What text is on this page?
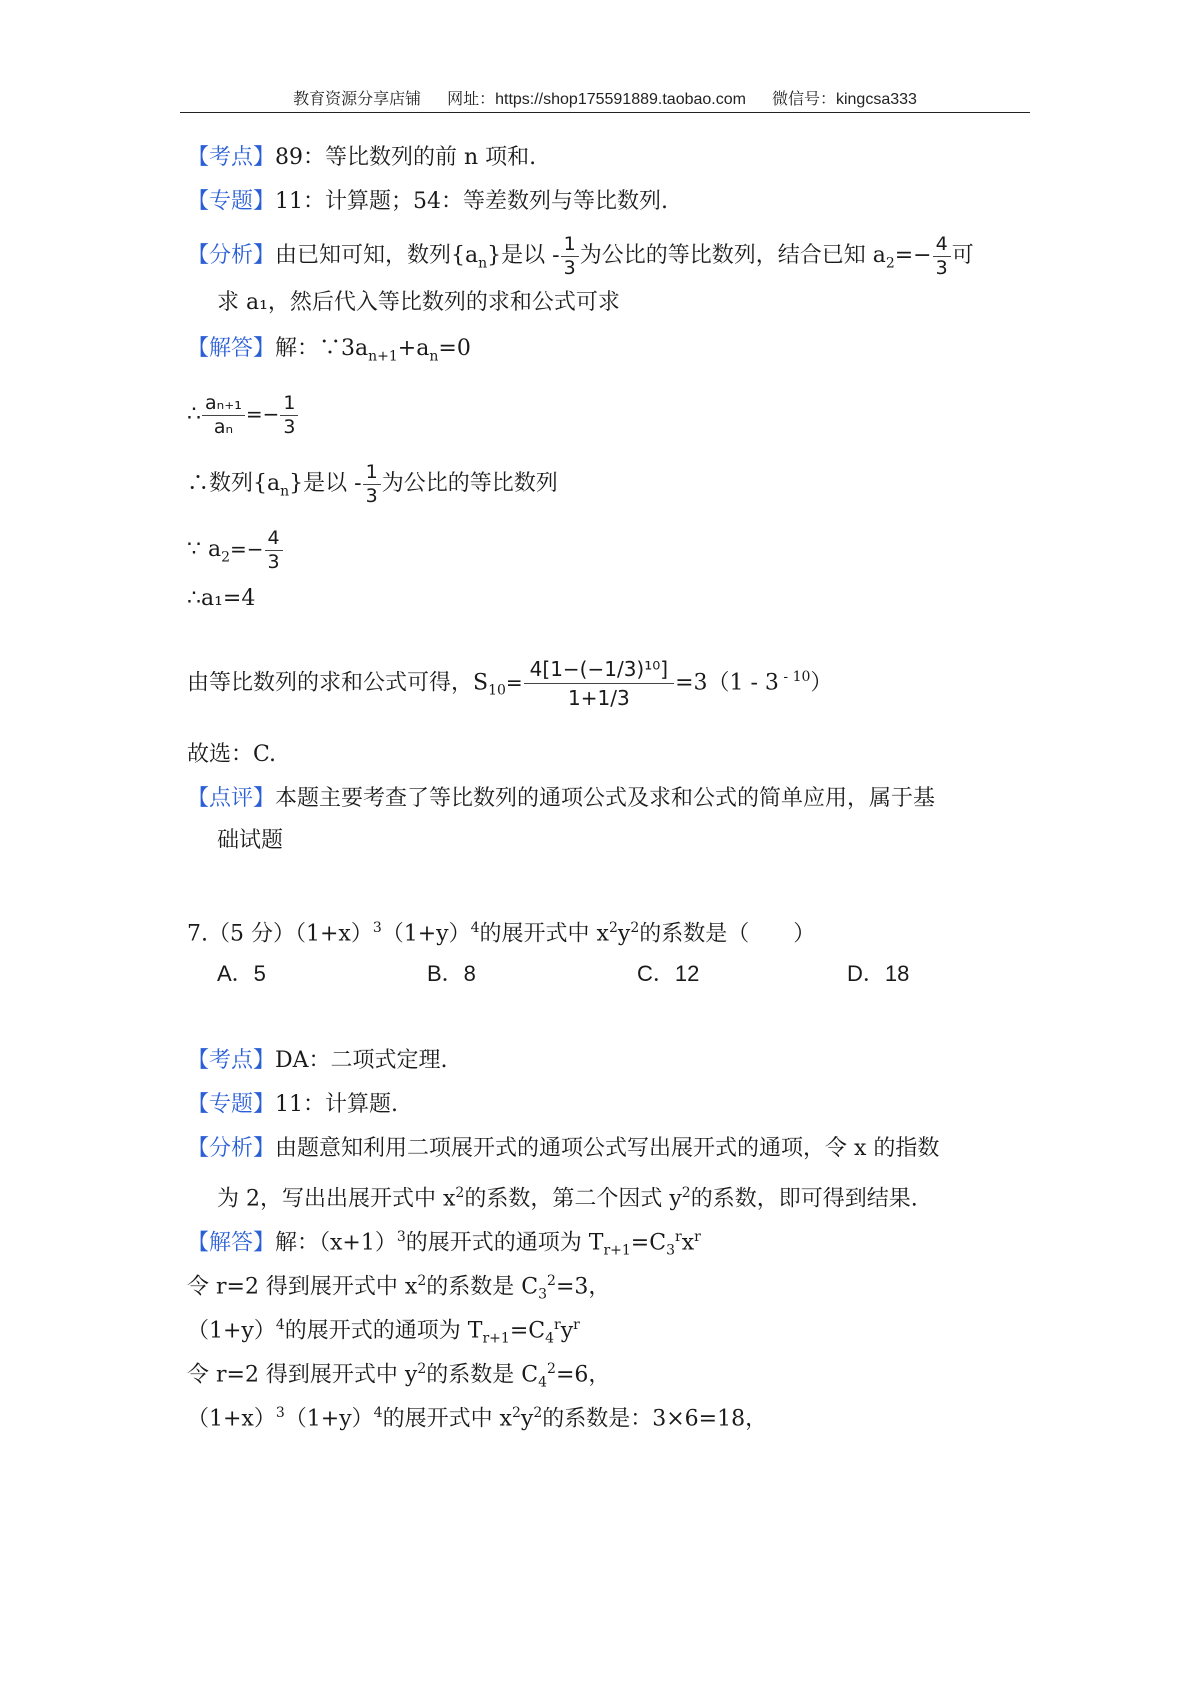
教育资源分享店铺 网址：https://shop175591889.taobao.com 微信号：kingcsa333
【考点】89：等比数列的前 n 项和.
【专题】11：计算题；54：等差数列与等比数列.
【分析】由已知可知，数列$\{a_n\}$是以 - $\frac{1}{3}$ 为公比的等比数列，结合已知 $a_2=- \frac{4}{3}$ 可
求 a₁，然后代入等比数列的求和公式可求
【解答】解：$\because 3a_{n+1}+a_n=0$
∴ $\frac{\text{aₙ₊₁}}{\text{aₙ}} =- \frac{1}{3}$
∴数列$\{a_n\}$是以 - $\frac{1}{3}$ 为公比的等比数列
∵ $a_2=- \frac{4}{3}$
∴a₁=4
由等比数列的求和公式可得，$S_{10}= \frac{\text{4[1−(−1/3)¹⁰]}}{1+1/3} =3(1 - 3$ $^{- 10}$）
故选：C.
【点评】本题主要考查了等比数列的通项公式及求和公式的简单应用，属于基
础试题
7.（5 分）$(1+x)^3(1+y)^4$的展开式中 $x^2y^2$的系数是（　　）
A．5	B．8	C．12	D．18
【考点】DA：二项式定理.
【专题】11：计算题.
【分析】由题意知利用二项展开式的通项公式写出展开式的通项，令 x 的指数
为 2，写出出展开式中 $x^2$的系数，第二个因式 $y^2$的系数，即可得到结果.
【解答】解：$(x+1)^3$的展开式的通项为 $T_{r+1}=C_3^rx^r$
令 r=2 得到展开式中 $x^2$的系数是 $C_3^2=3$，
$(1+y)^4$的展开式的通项为 $T_{r+1}=C_4^ry^r$
令 r=2 得到展开式中 $y^2$的系数是 $C_4^2=6$，
$(1+x)^3(1+y)^4$的展开式中 $x^2y^2$的系数是：3×6=18，
